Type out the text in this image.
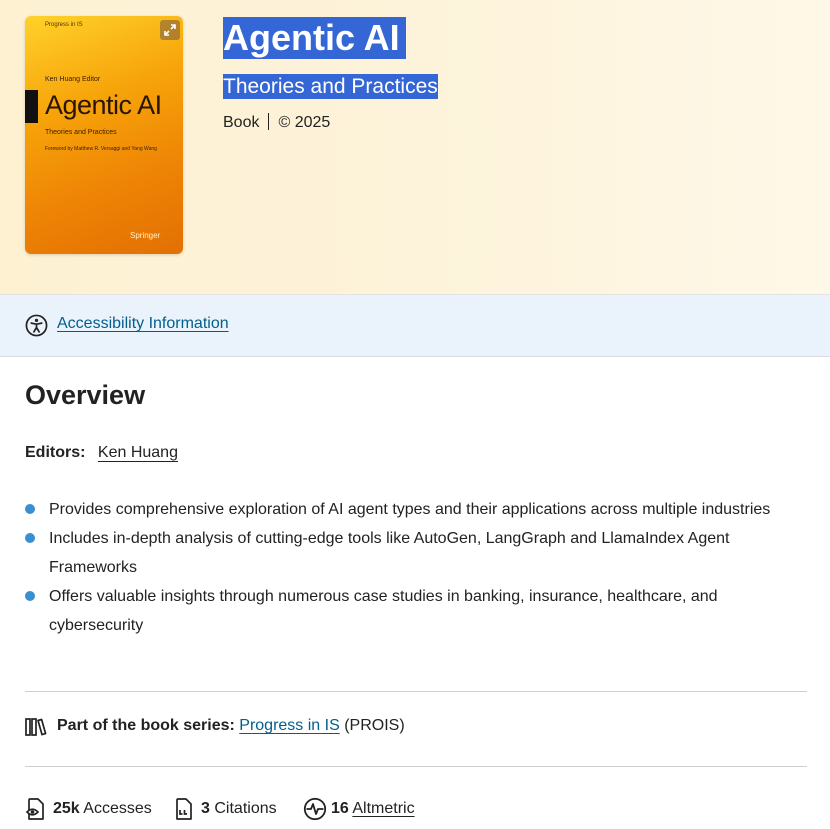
Progress in IS
Ken Huang Editor
Agentic AI
Theories and Practices
Foreword by Matthew R. Versaggi and Yang Wang
Springer
Agentic AI
Theories and Practices
Book © 2025
Accessibility Information
Overview
Editors: Ken Huang
Provides comprehensive exploration of AI agent types and their applications across multiple industries
Includes in-depth analysis of cutting-edge tools like AutoGen, LangGraph and LlamaIndex Agent Frameworks
Offers valuable insights through numerous case studies in banking, insurance, healthcare, and cybersecurity
Part of the book series: Progress in IS (PROIS)
25k Accesses	3 Citations	16 Altmetric
